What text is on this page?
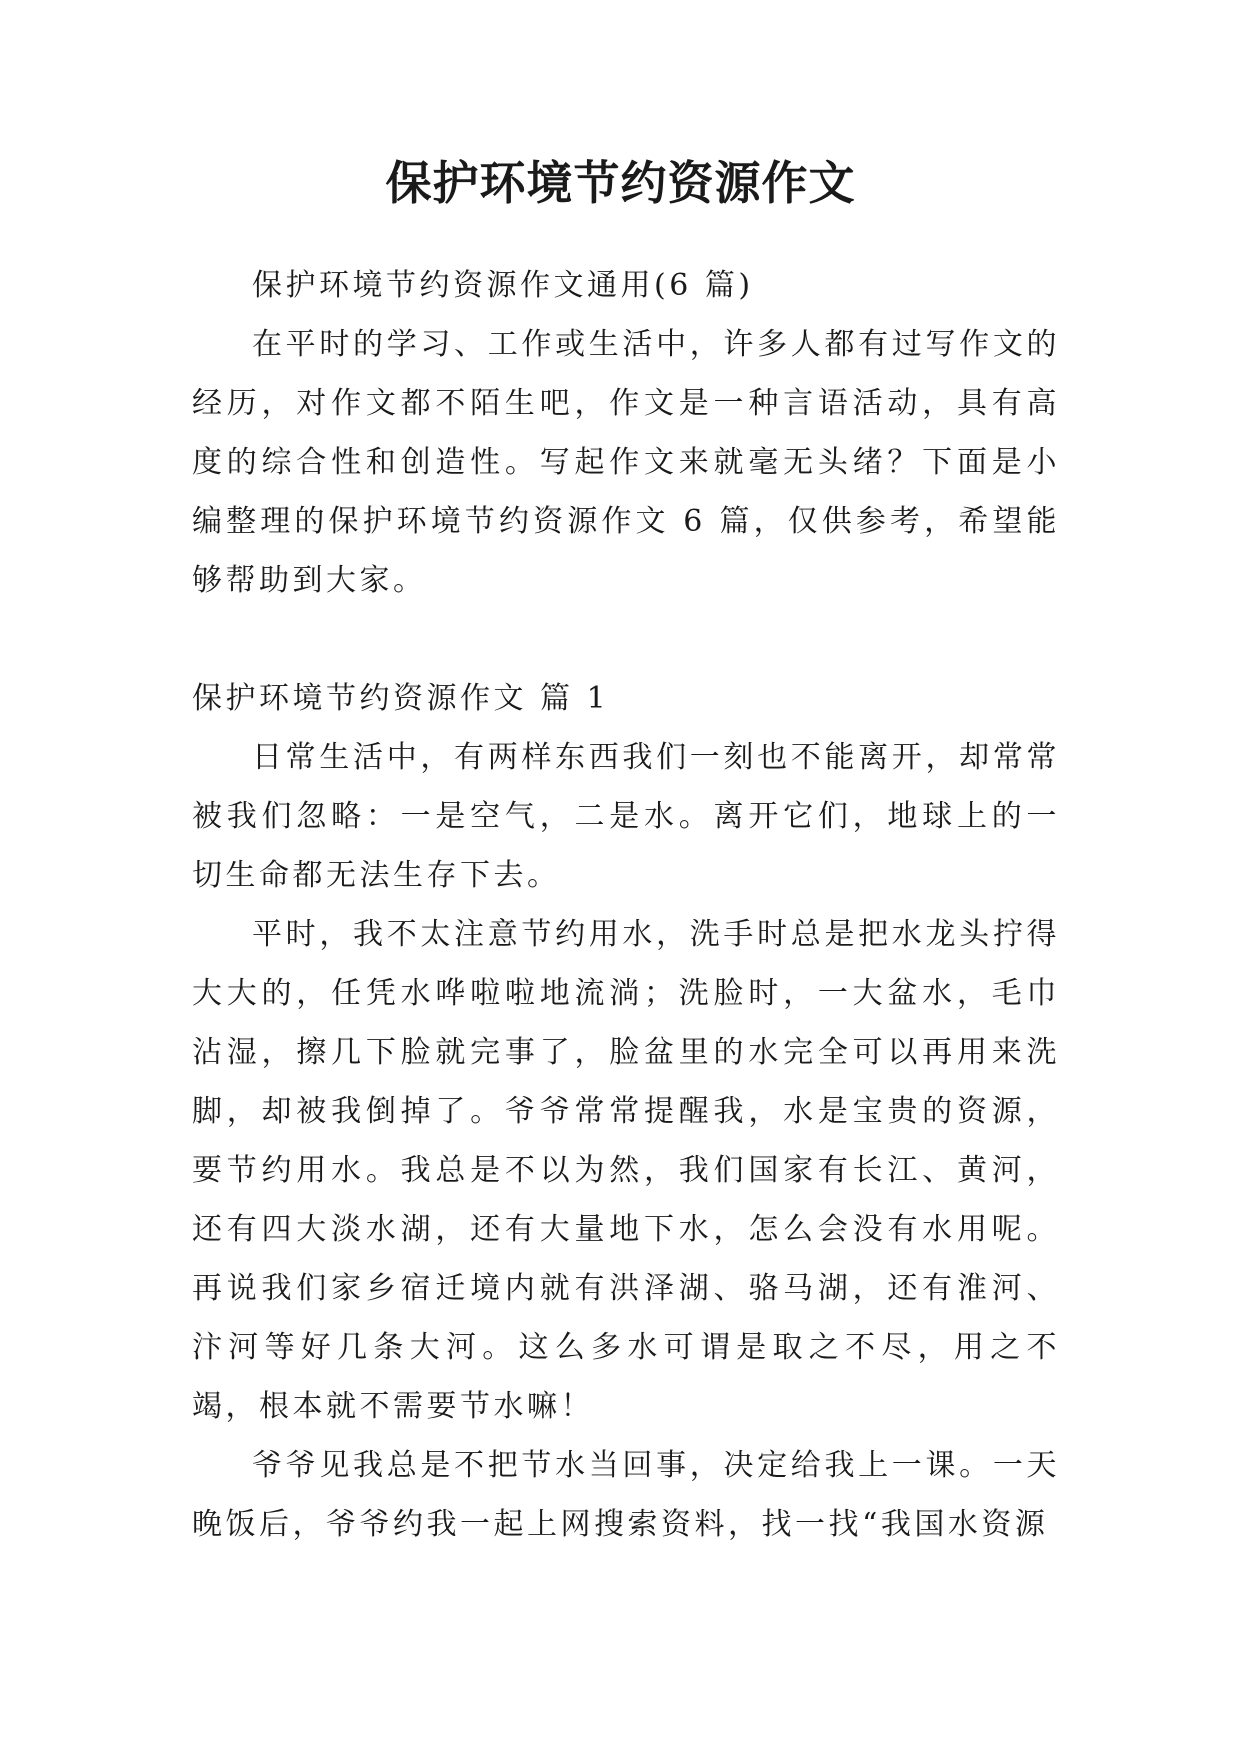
保护环境节约资源作文

保护环境节约资源作文通用(6 篇)

在平时的学习、工作或生活中，许多人都有过写作文的经历，对作文都不陌生吧，作文是一种言语活动，具有高度的综合性和创造性。写起作文来就毫无头绪？下面是小编整理的保护环境节约资源作文 6 篇，仅供参考，希望能够帮助到大家。

保护环境节约资源作文 篇 1

日常生活中，有两样东西我们一刻也不能离开，却常常被我们忽略：一是空气，二是水。离开它们，地球上的一切生命都无法生存下去。

平时，我不太注意节约用水，洗手时总是把水龙头拧得大大的，任凭水哗啦啦地流淌；洗脸时，一大盆水，毛巾沾湿，擦几下脸就完事了，脸盆里的水完全可以再用来洗脚，却被我倒掉了。爷爷常常提醒我，水是宝贵的资源，要节约用水。我总是不以为然，我们国家有长江、黄河，还有四大淡水湖，还有大量地下水，怎么会没有水用呢。再说我们家乡宿迁境内就有洪泽湖、骆马湖，还有淮河、汴河等好几条大河。这么多水可谓是取之不尽，用之不竭，根本就不需要节水嘛！

爷爷见我总是不把节水当回事，决定给我上一课。一天晚饭后，爷爷约我一起上网搜索资料，找一找“我国水资源
